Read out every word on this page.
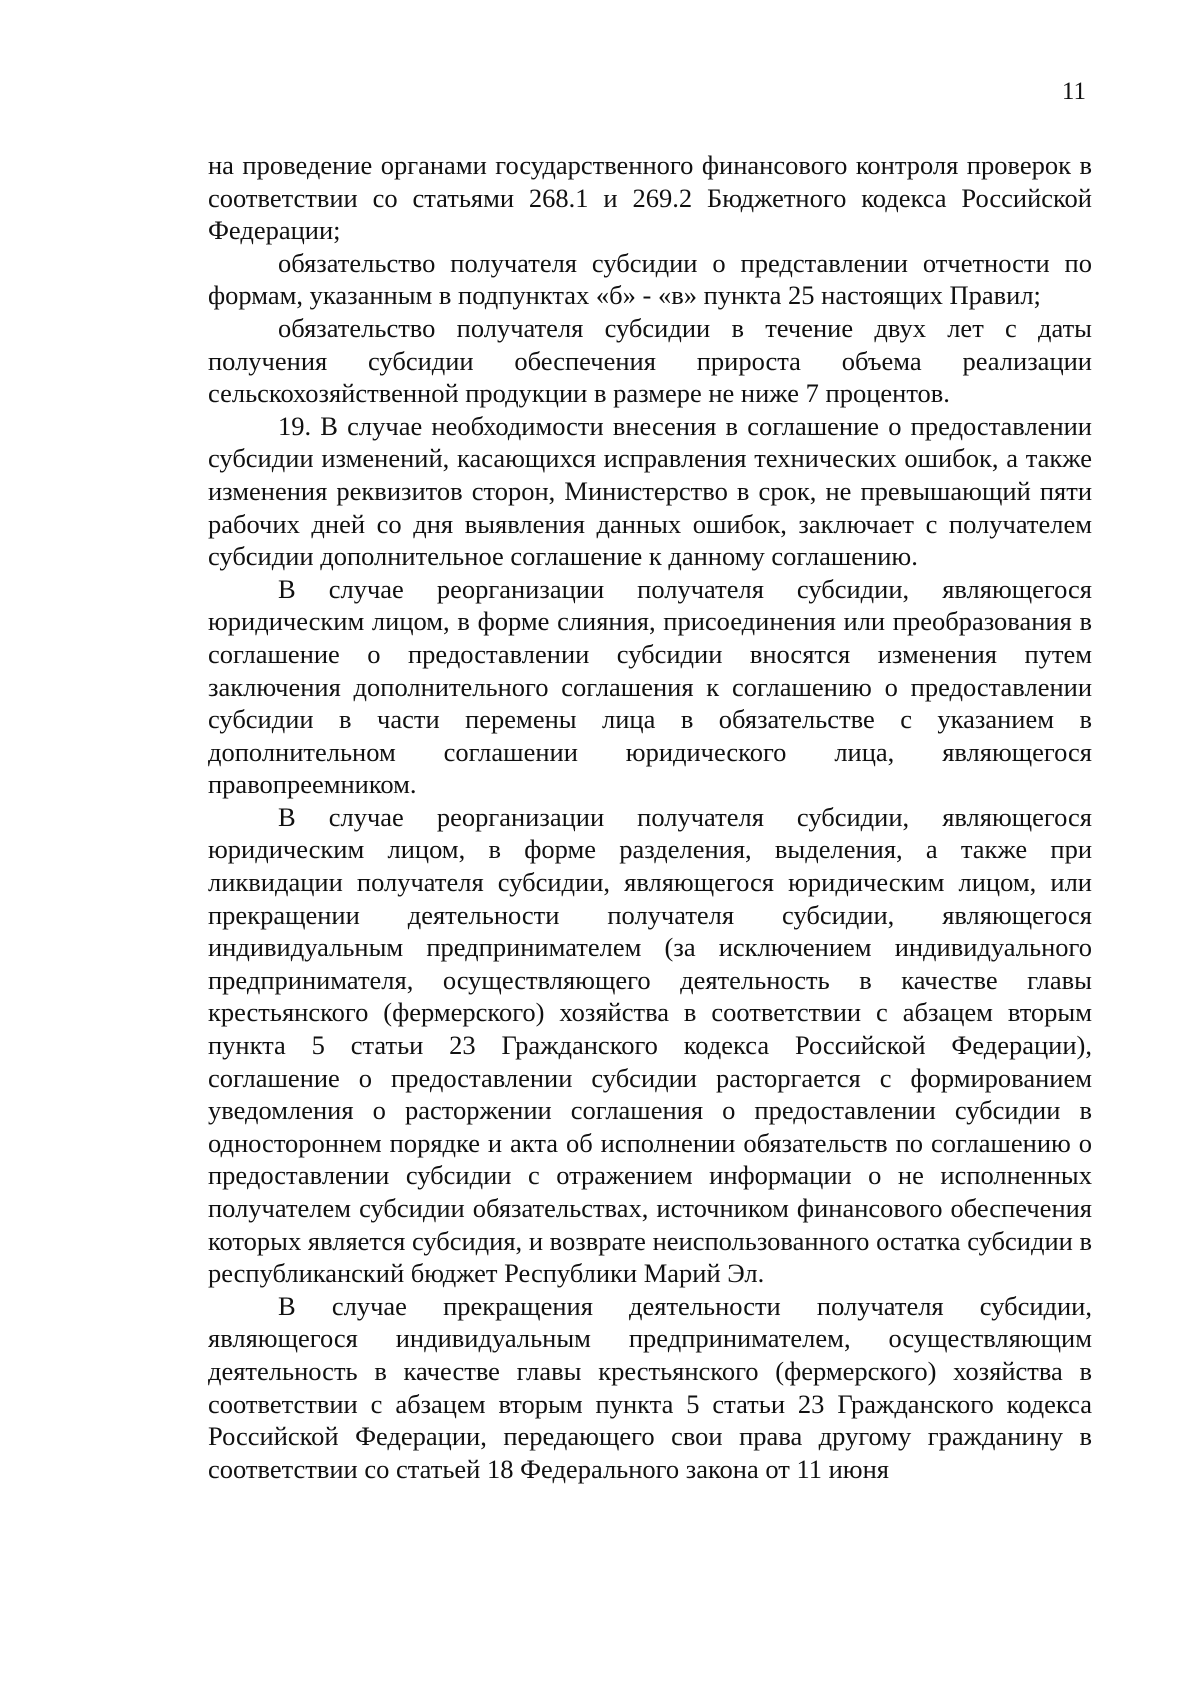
11

на проведение органами государственного финансового контроля проверок в соответствии со статьями 268.1 и 269.2 Бюджетного кодекса Российской Федерации;

обязательство получателя субсидии о представлении отчетности по формам, указанным в подпунктах «б» - «в» пункта 25 настоящих Правил;

обязательство получателя субсидии в течение двух лет с даты получения субсидии обеспечения прироста объема реализации сельскохозяйственной продукции в размере не ниже 7 процентов.

19. В случае необходимости внесения в соглашение о предоставлении субсидии изменений, касающихся исправления технических ошибок, а также изменения реквизитов сторон, Министерство в срок, не превышающий пяти рабочих дней со дня выявления данных ошибок, заключает с получателем субсидии дополнительное соглашение к данному соглашению.

В случае реорганизации получателя субсидии, являющегося юридическим лицом, в форме слияния, присоединения или преобразования в соглашение о предоставлении субсидии вносятся изменения путем заключения дополнительного соглашения к соглашению о предоставлении субсидии в части перемены лица в обязательстве с указанием в дополнительном соглашении юридического лица, являющегося правопреемником.

В случае реорганизации получателя субсидии, являющегося юридическим лицом, в форме разделения, выделения, а также при ликвидации получателя субсидии, являющегося юридическим лицом, или прекращении деятельности получателя субсидии, являющегося индивидуальным предпринимателем (за исключением индивидуального предпринимателя, осуществляющего деятельность в качестве главы крестьянского (фермерского) хозяйства в соответствии с абзацем вторым пункта 5 статьи 23 Гражданского кодекса Российской Федерации), соглашение о предоставлении субсидии расторгается с формированием уведомления о расторжении соглашения о предоставлении субсидии в одностороннем порядке и акта об исполнении обязательств по соглашению о предоставлении субсидии с отражением информации о не исполненных получателем субсидии обязательствах, источником финансового обеспечения которых является субсидия, и возврате неиспользованного остатка субсидии в республиканский бюджет Республики Марий Эл.

В случае прекращения деятельности получателя субсидии, являющегося индивидуальным предпринимателем, осуществляющим деятельность в качестве главы крестьянского (фермерского) хозяйства в соответствии с абзацем вторым пункта 5 статьи 23 Гражданского кодекса Российской Федерации, передающего свои права другому гражданину в соответствии со статьей 18 Федерального закона от 11 июня
